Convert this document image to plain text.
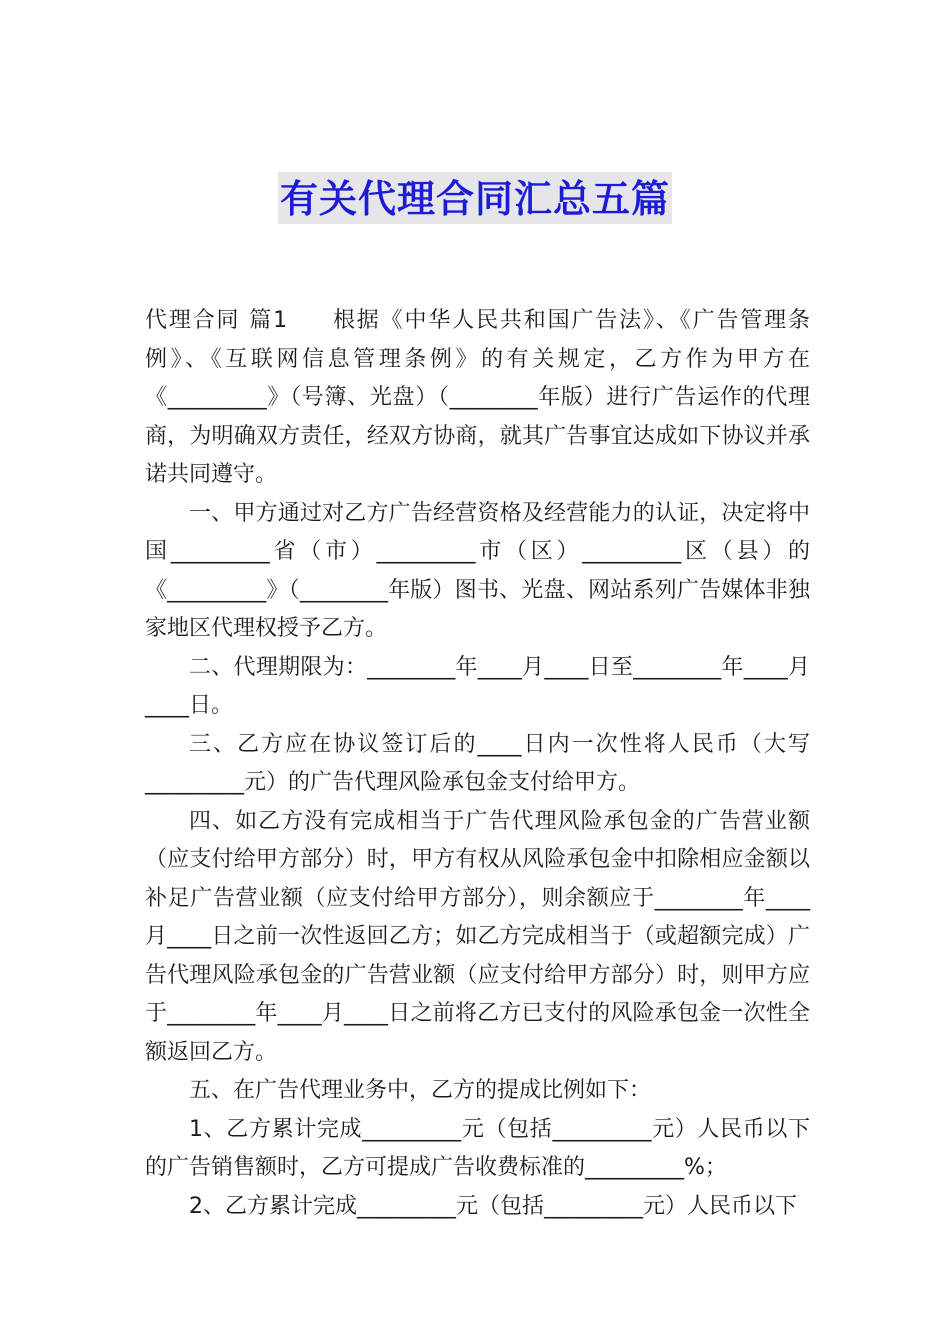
有关代理合同汇总五篇

代理合同 篇1 根据《中华人民共和国广告法》、《广告管理条例》、《互联网信息管理条例》的有关规定，乙方作为甲方在《_________》（号簿、光盘）（________年版）进行广告运作的代理商，为明确双方责任，经双方协商，就其广告事宜达成如下协议并承诺共同遵守。

一、甲方通过对乙方广告经营资格及经营能力的认证，决定将中国_________省（市）_________市（区）_________区（县）的《_________》（________年版）图书、光盘、网站系列广告媒体非独家地区代理权授予乙方。

二、代理期限为：________年____月____日至________年____月____日。

三、乙方应在协议签订后的____日内一次性将人民币（大写_________元）的广告代理风险承包金支付给甲方。

四、如乙方没有完成相当于广告代理风险承包金的广告营业额（应支付给甲方部分）时，甲方有权从风险承包金中扣除相应金额以补足广告营业额（应支付给甲方部分），则余额应于________年____月____日之前一次性返回乙方；如乙方完成相当于（或超额完成）广告代理风险承包金的广告营业额（应支付给甲方部分）时，则甲方应于________年____月____日之前将乙方已支付的风险承包金一次性全额返回乙方。

五、在广告代理业务中，乙方的提成比例如下：

1、乙方累计完成_________元（包括_________元）人民币以下的广告销售额时，乙方可提成广告收费标准的_________%；

2、乙方累计完成_________元（包括_________元）人民币以下
